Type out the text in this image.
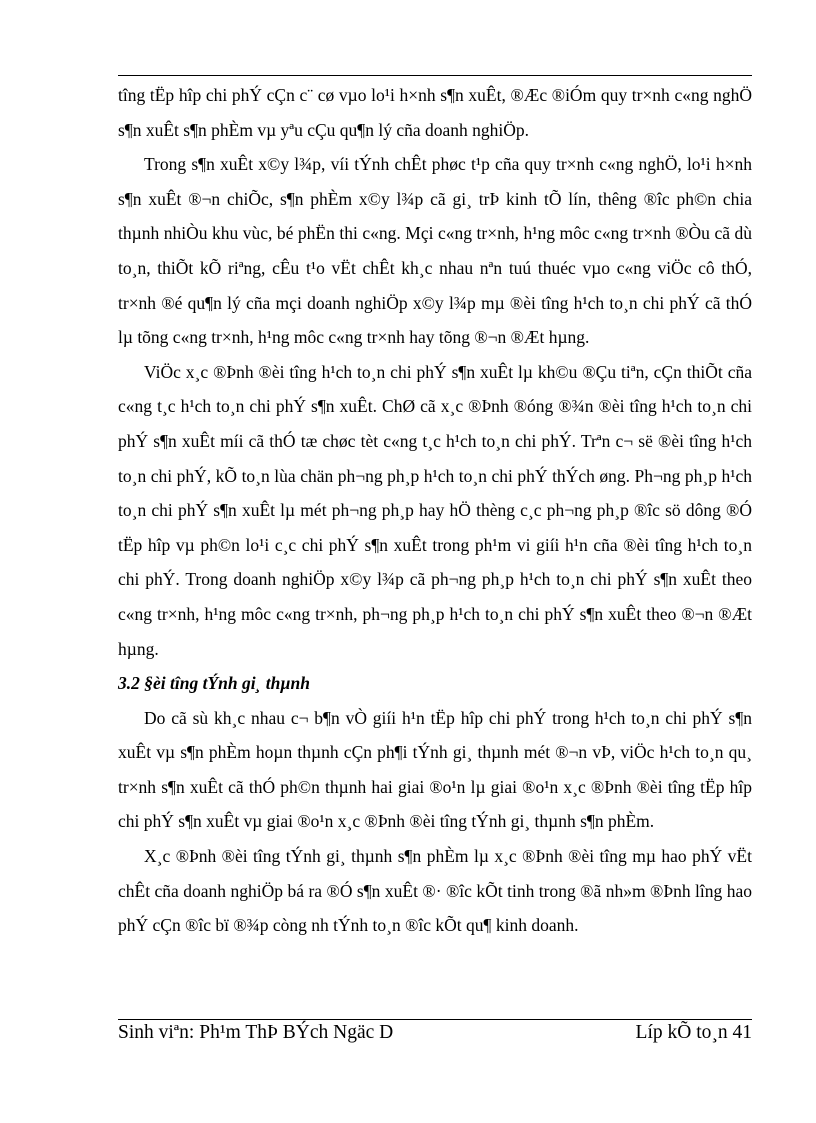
tîng tËp hîp chi phÝ cÇn c¨ cø vµo lo¹i h×nh s¶n xuÊt, ®Æc ®iÓm quy tr×nh c«ng nghÖ s¶n xuÊt s¶n phÈm vµ yªu cÇu qu¶n lý cña doanh nghiÖp.

Trong s¶n xuÊt x©y l¾p, víi tÝnh chÊt phøc t¹p cña quy tr×nh c«ng nghÖ, lo¹i h×nh s¶n xuÊt ®¬n chiÕc, s¶n phÈm x©y l¾p cã gi¸ trÞ kinh tÕ lín, thêng ®îc ph©n chia thµnh nhiÒu khu vùc, bé phËn thi c«ng. Mçi c«ng tr×nh, h¹ng môc c«ng tr×nh ®Òu cã dù to¸n, thiÕt kÕ riªng, cÊu t¹o vËt chÊt kh¸c nhau nªn tuú thuéc vµo c«ng viÖc cô thÓ, tr×nh ®é qu¶n lý cña mçi doanh nghiÖp x©y l¾p mµ ®èi tîng h¹ch to¸n chi phÝ cã thÓ lµ tõng c«ng tr×nh, h¹ng môc c«ng tr×nh hay tõng ®¬n ®Æt hµng.

ViÖc x¸c ®Þnh ®èi tîng h¹ch to¸n chi phÝ s¶n xuÊt lµ kh©u ®Çu tiªn, cÇn thiÕt cña c«ng t¸c h¹ch to¸n chi phÝ s¶n xuÊt. ChØ cã x¸c ®Þnh ®óng ®¾n ®èi tîng h¹ch to¸n chi phÝ s¶n xuÊt míi cã thÓ tæ chøc tèt c«ng t¸c h¹ch to¸n chi phÝ. Trªn c¬ së ®èi tîng h¹ch to¸n chi phÝ, kÕ to¸n lùa chän ph¬ng ph¸p h¹ch to¸n chi phÝ thÝch øng. Ph¬ng ph¸p h¹ch to¸n chi phÝ s¶n xuÊt lµ mét ph¬ng ph¸p hay hÖ thèng c¸c ph¬ng ph¸p ®îc sö dông ®Ó tËp hîp vµ ph©n lo¹i c¸c chi phÝ s¶n xuÊt trong ph¹m vi giíi h¹n cña ®èi tîng h¹ch to¸n chi phÝ. Trong doanh nghiÖp x©y l¾p cã ph¬ng ph¸p h¹ch to¸n chi phÝ s¶n xuÊt theo c«ng tr×nh, h¹ng môc c«ng tr×nh, ph¬ng ph¸p h¹ch to¸n chi phÝ s¶n xuÊt theo ®¬n ®Æt hµng.

3.2 §èi tîng tÝnh gi¸ thµnh

Do cã sù kh¸c nhau c¬ b¶n vÒ giíi h¹n tËp hîp chi phÝ trong h¹ch to¸n chi phÝ s¶n xuÊt vµ s¶n phÈm hoµn thµnh cÇn ph¶i tÝnh gi¸ thµnh mét ®¬n vÞ, viÖc h¹ch to¸n qu¸ tr×nh s¶n xuÊt cã thÓ ph©n thµnh hai giai ®o¹n lµ giai ®o¹n x¸c ®Þnh ®èi tîng tËp hîp chi phÝ s¶n xuÊt vµ giai ®o¹n x¸c ®Þnh ®èi tîng tÝnh gi¸ thµnh s¶n phÈm.

X¸c ®Þnh ®èi tîng tÝnh gi¸ thµnh s¶n phÈm lµ x¸c ®Þnh ®èi tîng mµ hao phÝ vËt chÊt cña doanh nghiÖp bá ra ®Ó s¶n xuÊt ®· ®îc kÕt tinh trong ®ã nh»m ®Þnh lîng hao phÝ cÇn ®îc bï ®¾p còng nh tÝnh to¸n ®îc kÕt qu¶ kinh doanh.

Sinh viªn: Ph¹m ThÞ BÝch Ngäc D	Líp kÕ to¸n 41
